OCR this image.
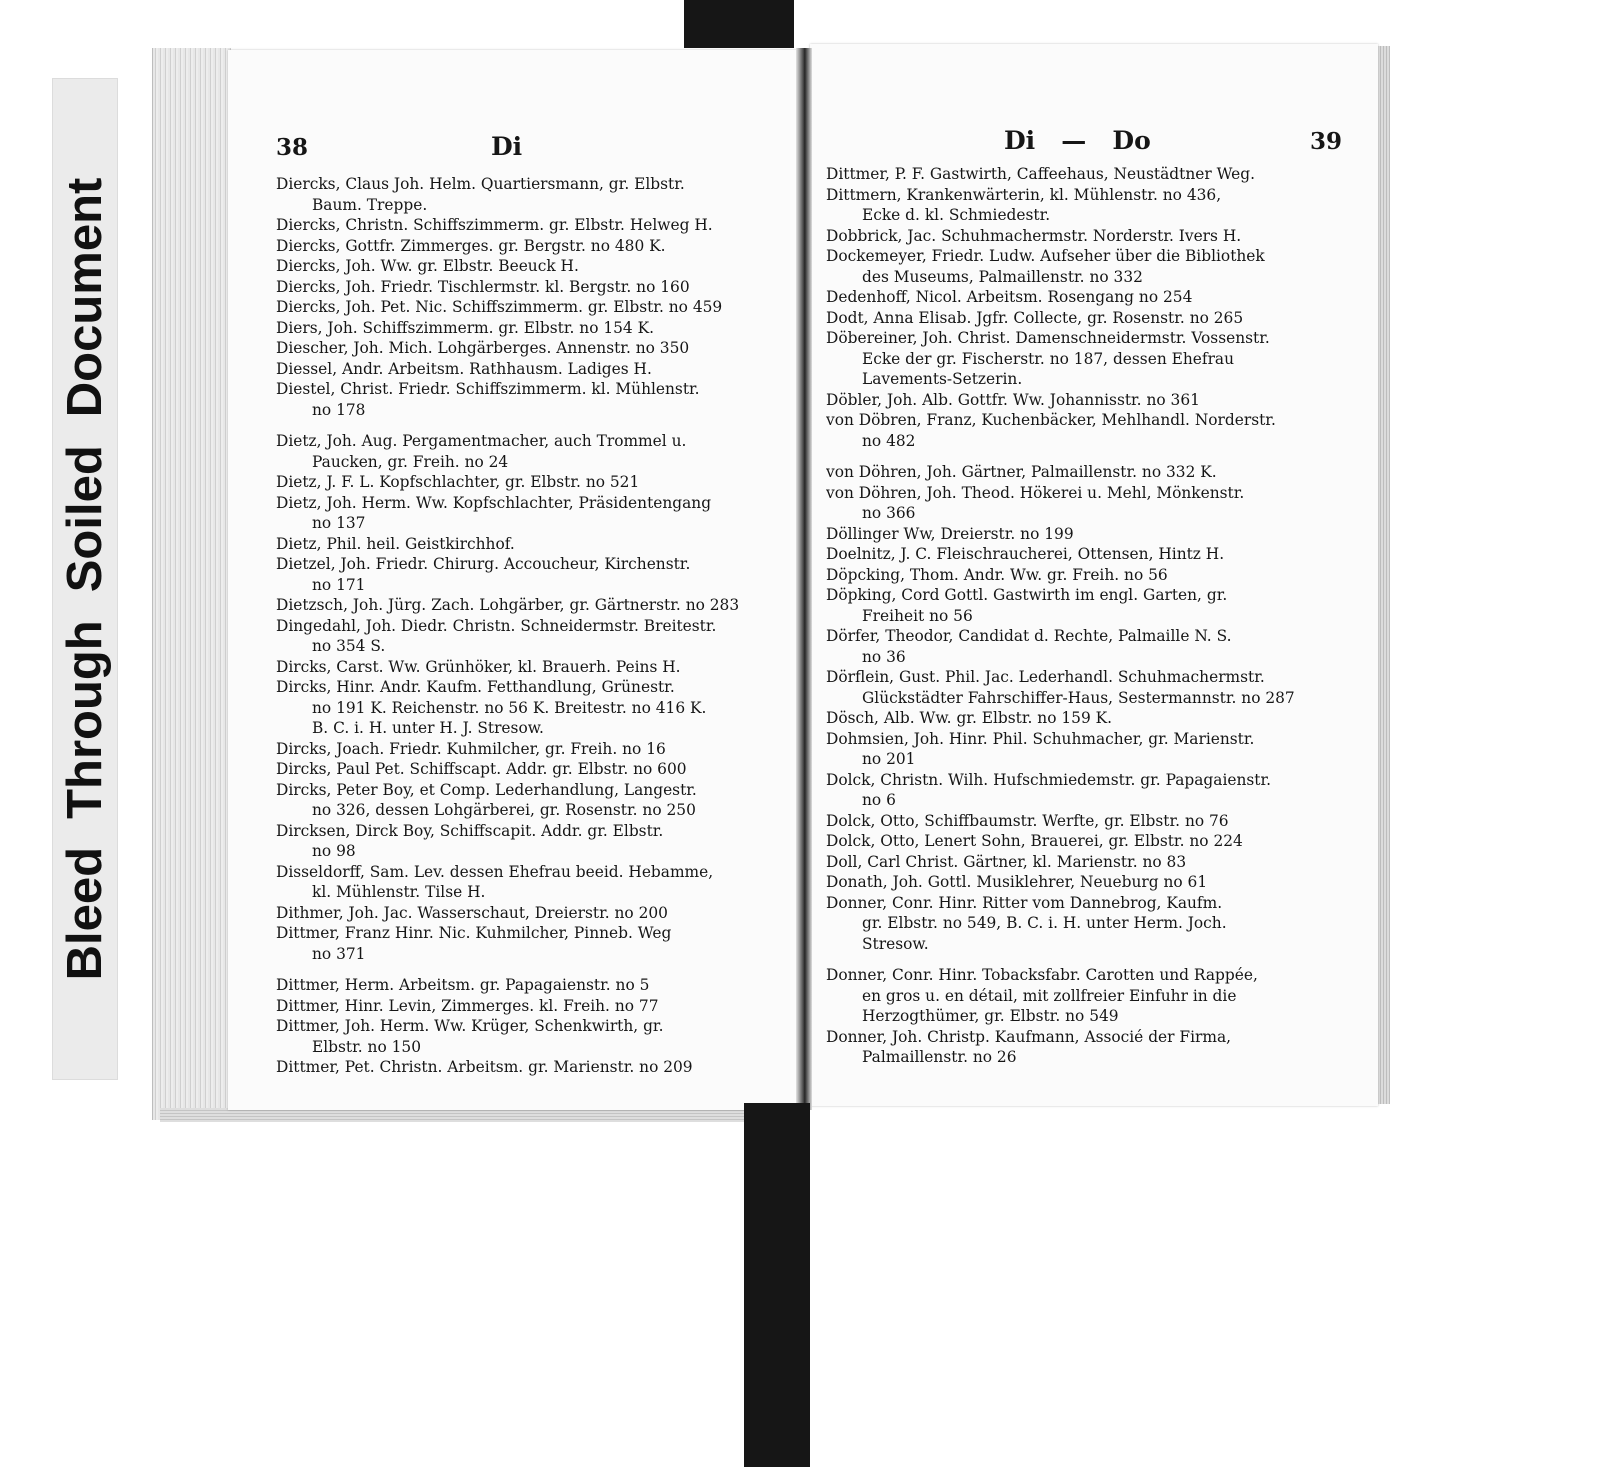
BleedThroughSoiledDocument
38	Di
Diercks, Claus Joh. Helm. Quartiersmann, gr. Elbstr.
Baum. Treppe.
Diercks, Christn. Schiffszimmerm. gr. Elbstr. Helweg H.
Diercks, Gottfr. Zimmerges. gr. Bergstr. no 480 K.
Diercks, Joh. Ww. gr. Elbstr. Beeuck H.
Diercks, Joh. Friedr. Tischlermstr. kl. Bergstr. no 160
Diercks, Joh. Pet. Nic. Schiffszimmerm. gr. Elbstr. no 459
Diers, Joh. Schiffszimmerm. gr. Elbstr. no 154 K.
Diescher, Joh. Mich. Lohgärberges. Annenstr. no 350
Diessel, Andr. Arbeitsm. Rathhausm. Ladiges H.
Diestel, Christ. Friedr. Schiffszimmerm. kl. Mühlenstr.
no 178
Dietz, Joh. Aug. Pergamentmacher, auch Trommel u.
Paucken, gr. Freih. no 24
Dietz, J. F. L. Kopfschlachter, gr. Elbstr. no 521
Dietz, Joh. Herm. Ww. Kopfschlachter, Präsidentengang
no 137
Dietz, Phil. heil. Geistkirchhof.
Dietzel, Joh. Friedr. Chirurg. Accoucheur, Kirchenstr.
no 171
Dietzsch, Joh. Jürg. Zach. Lohgärber, gr. Gärtnerstr. no 283
Dingedahl, Joh. Diedr. Christn. Schneidermstr. Breitestr.
no 354 S.
Dircks, Carst. Ww. Grünhöker, kl. Brauerh. Peins H.
Dircks, Hinr. Andr. Kaufm. Fetthandlung, Grünestr.
no 191 K. Reichenstr. no 56 K. Breitestr. no 416 K.
B. C. i. H. unter H. J. Stresow.
Dircks, Joach. Friedr. Kuhmilcher, gr. Freih. no 16
Dircks, Paul Pet. Schiffscapt. Addr. gr. Elbstr. no 600
Dircks, Peter Boy, et Comp. Lederhandlung, Langestr.
no 326, dessen Lohgärberei, gr. Rosenstr. no 250
Dircksen, Dirck Boy, Schiffscapit. Addr. gr. Elbstr.
no 98
Disseldorff, Sam. Lev. dessen Ehefrau beeid. Hebamme,
kl. Mühlenstr. Tilse H.
Dithmer, Joh. Jac. Wasserschaut, Dreierstr. no 200
Dittmer, Franz Hinr. Nic. Kuhmilcher, Pinneb. Weg
no 371
Dittmer, Herm. Arbeitsm. gr. Papagaienstr. no 5
Dittmer, Hinr. Levin, Zimmerges. kl. Freih. no 77
Dittmer, Joh. Herm. Ww. Krüger, Schenkwirth, gr.
Elbstr. no 150
Dittmer, Pet. Christn. Arbeitsm. gr. Marienstr. no 209
Di   —   Do	39
Dittmer, P. F. Gastwirth, Caffeehaus, Neustädtner Weg.
Dittmern, Krankenwärterin, kl. Mühlenstr. no 436,
Ecke d. kl. Schmiedestr.
Dobbrick, Jac. Schuhmachermstr. Norderstr. Ivers H.
Dockemeyer, Friedr. Ludw. Aufseher über die Bibliothek
des Museums, Palmaillenstr. no 332
Dedenhoff, Nicol. Arbeitsm. Rosengang no 254
Dodt, Anna Elisab. Jgfr. Collecte, gr. Rosenstr. no 265
Döbereiner, Joh. Christ. Damenschneidermstr. Vossenstr.
Ecke der gr. Fischerstr. no 187, dessen Ehefrau
Lavements-Setzerin.
Döbler, Joh. Alb. Gottfr. Ww. Johannisstr. no 361
von Döbren, Franz, Kuchenbäcker, Mehlhandl. Norderstr.
no 482
von Döhren, Joh. Gärtner, Palmaillenstr. no 332 K.
von Döhren, Joh. Theod. Hökerei u. Mehl, Mönkenstr.
no 366
Döllinger Ww, Dreierstr. no 199
Doelnitz, J. C. Fleischraucherei, Ottensen, Hintz H.
Döpcking, Thom. Andr. Ww. gr. Freih. no 56
Döpking, Cord Gottl. Gastwirth im engl. Garten, gr.
Freiheit no 56
Dörfer, Theodor, Candidat d. Rechte, Palmaille N. S.
no 36
Dörflein, Gust. Phil. Jac. Lederhandl. Schuhmachermstr.
Glückstädter Fahrschiffer-Haus, Sestermannstr. no 287
Dösch, Alb. Ww. gr. Elbstr. no 159 K.
Dohmsien, Joh. Hinr. Phil. Schuhmacher, gr. Marienstr.
no 201
Dolck, Christn. Wilh. Hufschmiedemstr. gr. Papagaienstr.
no 6
Dolck, Otto, Schiffbaumstr. Werfte, gr. Elbstr. no 76
Dolck, Otto, Lenert Sohn, Brauerei, gr. Elbstr. no 224
Doll, Carl Christ. Gärtner, kl. Marienstr. no 83
Donath, Joh. Gottl. Musiklehrer, Neueburg no 61
Donner, Conr. Hinr. Ritter vom Dannebrog, Kaufm.
gr. Elbstr. no 549, B. C. i. H. unter Herm. Joch.
Stresow.
Donner, Conr. Hinr. Tobacksfabr. Carotten und Rappée,
en gros u. en détail, mit zollfreier Einfuhr in die
Herzogthümer, gr. Elbstr. no 549
Donner, Joh. Christp. Kaufmann, Associé der Firma,
Palmaillenstr. no 26
